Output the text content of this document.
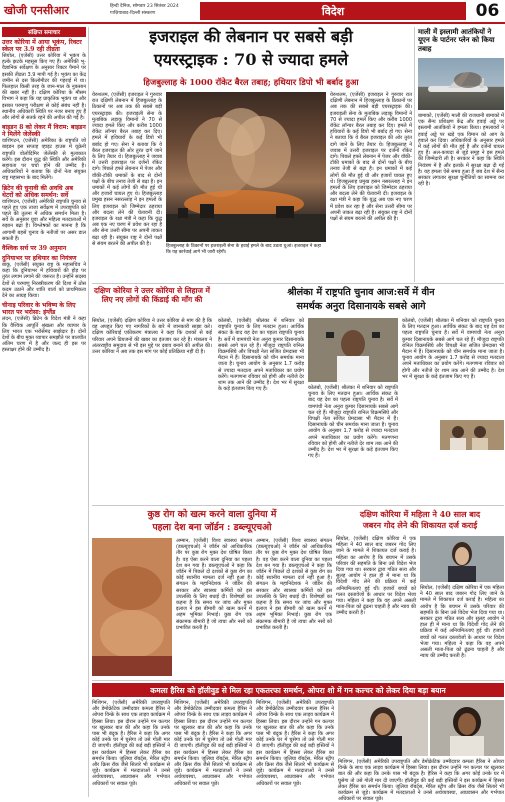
खोजी एनसीआर	हिन्दी दैनिक, सोमवार 23 सितंबर 2024
गाज़ियाबाद-दिल्ली संस्करण	विदेश	06
संक्षिप्त समाचार
उत्तर कोरिया में आया भूकंप, रिक्टर स्केल पर 3.9 रही तीव्रता
सियोल, (एजेंसी) उत्तर कोरिया में भूकंप के हल्के झटके महसूस किए गए हैं। अमेरिकी भू-वैज्ञानिक सर्वेक्षण के अनुसार रिक्टर पैमाने पर इसकी तीव्रता 3.9 मापी गई है। भूकंप का केंद्र जमीन से दस किलोमीटर की गहराई में था। फिलहाल किसी तरह के जान-माल के नुकसान की खबर नहीं है। दक्षिण कोरिया के मौसम विभाग ने कहा कि यह प्राकृतिक भूकंप था और इसका परमाणु परीक्षण से कोई संबंध नहीं है। स्थानीय अधिकारी स्थिति पर नजर बनाए हुए हैं और लोगों से सतर्क रहने की अपील की गई है।
बाइडन 8 को लेकर मैं विराम: बाइडन ने मिलेंगे जेलेंस्की
वाशिंगटन, (एजेंसी) अमेरिका के राष्ट्रपति जो बाइडन इस सप्ताह व्हाइट हाउस में यूक्रेनी राष्ट्रपति वोलोदिमिर जेलेंस्की से मुलाकात करेंगे। इस दौरान युद्ध की स्थिति और अमेरिकी सहायता पर चर्चा होने की उम्मीद है। अधिकारियों ने बताया कि दोनों नेता संयुक्त राष्ट्र महासभा के बाद मिलेंगे।
ब्रिटेन की चुनावी की अवधि अब थेटरों को अधिक समर्थन: सर्वे
वाशिंगटन, (एजेंसी) अमेरिकी राष्ट्रपति चुनाव से पहले हुए एक ताजा सर्वेक्षण में उपराष्ट्रपति को पहले की तुलना में अधिक समर्थन मिला है। सर्वे के अनुसार युवा और महिला मतदाताओं में रुझान बढ़ा है। विश्लेषकों का मानना है कि आगामी बहसें चुनाव के नतीजों पर असर डाल सकती हैं।
वैश्विक सर्च पर 39 अनुमान
दुनियाभर पर हथियार का नियंत्रण
बाकू, (एजेंसी) संयुक्त राष्ट्र के महासचिव ने कहा कि दुनियाभर में हथियारों की होड़ पर तुरंत लगाम लगाने की जरूरत है। उन्होंने सदस्य देशों से परमाणु निरस्त्रीकरण की दिशा में ठोस कदम उठाने और शांति वार्ता को प्राथमिकता देने का आग्रह किया।
चीनाइ परिवार के भविष्य के लिए भारत पर भरोसा: इंग्लैंड
लंदन, (एजेंसी) ब्रिटेन के विदेश मंत्री ने कहा कि वैश्विक आपूर्ति श्रृंखला और व्यापार के लिए भारत एक भरोसेमंद साझेदार है। दोनों देशों के बीच मुक्त व्यापार समझौते पर बातचीत अंतिम चरण में है और जल्द ही इस पर हस्ताक्षर होने की उम्मीद है।
इजराइल की लेबनान पर सबसे बड़ी
एयरस्ट्राइक : 70 से ज्यादा हमले
हिजबुल्लाह के 1000 रॉकेट बैरल तबाह; हथियार डिपो भी बर्बाद हुआ
येरुशलम, (एजेंसी) इजराइल ने गुरुवार रात दक्षिणी लेबनान में हिजबुल्लाह के ठिकानों पर अब तक की सबसे बड़ी एयरस्ट्राइक की। इजराइली सेना के मुताबिक लड़ाकू विमानों ने 70 से ज्यादा हमले किए और करीब 1000 रॉकेट लॉन्चर बैरल तबाह कर दिए। हमले में हथियारों के कई डिपो भी बर्बाद हो गए। सेना ने बताया कि ये बैरल इजराइल की ओर तुरंत दागे जाने के लिए तैयार थे। हिजबुल्लाह ने जवाब में उत्तरी इजराइल पर दर्जनों रॉकेट दागे। पिछले हफ्ते लेबनान में पेजर और वॉकी-टॉकी धमाकों के बाद से दोनों पक्षों के बीच तनाव तेजी से बढ़ा है। इन धमाकों में कई लोगों की मौत हुई थी और हजारों घायल हुए थे। हिजबुल्लाह प्रमुख हसन नसरल्लाह ने इन हमलों के लिए इजराइल को जिम्मेदार ठहराया और बदला लेने की चेतावनी दी। इजराइल के रक्षा मंत्री ने कहा कि युद्ध अब एक नए चरण में प्रवेश कर रहा है और सेना उत्तरी सीमा पर अपनी ताकत बढ़ा रही है। संयुक्त राष्ट्र ने दोनों पक्षों से संयम बरतने की अपील की है।	हिजबुल्लाह के ठिकानों पर इजराइली सेना के हवाई हमले के बाद उठता धुआं। इजराइल ने कहा कि यह कार्रवाई आगे भी जारी रहेगी।
येरुशलम, (एजेंसी) इजराइल ने गुरुवार रात दक्षिणी लेबनान में हिजबुल्लाह के ठिकानों पर अब तक की सबसे बड़ी एयरस्ट्राइक की। इजराइली सेना के मुताबिक लड़ाकू विमानों ने 70 से ज्यादा हमले किए और करीब 1000 रॉकेट लॉन्चर बैरल तबाह कर दिए। हमले में हथियारों के कई डिपो भी बर्बाद हो गए। सेना ने बताया कि ये बैरल इजराइल की ओर तुरंत दागे जाने के लिए तैयार थे। हिजबुल्लाह ने जवाब में उत्तरी इजराइल पर दर्जनों रॉकेट दागे। पिछले हफ्ते लेबनान में पेजर और वॉकी-टॉकी धमाकों के बाद से दोनों पक्षों के बीच तनाव तेजी से बढ़ा है। इन धमाकों में कई लोगों की मौत हुई थी और हजारों घायल हुए थे। हिजबुल्लाह प्रमुख हसन नसरल्लाह ने इन हमलों के लिए इजराइल को जिम्मेदार ठहराया और बदला लेने की चेतावनी दी। इजराइल के रक्षा मंत्री ने कहा कि युद्ध अब एक नए चरण में प्रवेश कर रहा है और सेना उत्तरी सीमा पर अपनी ताकत बढ़ा रही है। संयुक्त राष्ट्र ने दोनों पक्षों से संयम बरतने की अपील की है।
माली में इस्लामी आतंकियों ने यूएन के पार्टनर प्लेन को किया तबाह
बामाको, (एजेंसी) माली की राजधानी बामाको में एक सैन्य प्रशिक्षण केंद्र और हवाई अड्डे पर इस्लामी आतंकियों ने हमला किया। हमलावरों ने हवाई अड्डे पर खड़े एक विमान को आग के हवाले कर दिया। अधिकारियों के अनुसार हमले में कई लोगों की मौत हुई है और दर्जनों घायल हुए हैं। अल-कायदा से जुड़े समूह ने इस हमले की जिम्मेदारी ली है। सरकार ने कहा कि स्थिति नियंत्रण में है और इलाके में सुरक्षा बढ़ा दी गई है। यह हमला ऐसे समय हुआ है जब देश में सैन्य सरकार लगातार सुरक्षा चुनौतियों का सामना कर रही है।
दक्षिण कोरिया ने उत्तर कोरिया से लिहाज में लिए नए लोगों की किंडाई की माँग की
सियोल, (एजेंसी) दक्षिण कोरिया ने उत्तर कोरिया से मांग की है कि वह अपहृत किए गए नागरिकों के बारे में जानकारी साझा करे। दक्षिण कोरियाई एकीकरण मंत्रालय ने कहा कि दशकों से कई परिवार अपने प्रियजनों की खबर का इंतजार कर रहे हैं। मंत्रालय ने अंतरराष्ट्रीय समुदाय से भी इस मुद्दे पर दबाव बनाने की अपील की। उत्तर कोरिया ने अब तक इस मांग पर कोई प्रतिक्रिया नहीं दी है।
श्रीलंका में राष्ट्रपति चुनाव आज:सर्वे में वीन
समर्थक अनुरा दिसानायके सबसे आगे
कोलंबो, (एजेंसी) श्रीलंका में शनिवार को राष्ट्रपति चुनाव के लिए मतदान हुआ। आर्थिक संकट के बाद यह देश का पहला राष्ट्रपति चुनाव है। सर्वे में वामपंथी नेता अनुरा कुमार दिसानायके सबसे आगे चल रहे हैं। मौजूदा राष्ट्रपति रानिल विक्रमसिंघे और विपक्षी नेता सजित प्रेमदासा भी मैदान में हैं। दिसानायके को चीन समर्थक माना जाता है। चुनाव आयोग के अनुसार 1.7 करोड़ से ज्यादा मतदाता अपने मताधिकार का प्रयोग करेंगे। मतगणना रविवार को होगी और नतीजे देर शाम तक आने की उम्मीद है। देश भर में सुरक्षा के कड़े इंतजाम किए गए हैं।	कोलंबो, (एजेंसी) श्रीलंका में शनिवार को राष्ट्रपति चुनाव के लिए मतदान हुआ। आर्थिक संकट के बाद यह देश का पहला राष्ट्रपति चुनाव है। सर्वे में वामपंथी नेता अनुरा कुमार दिसानायके सबसे आगे चल रहे हैं। मौजूदा राष्ट्रपति रानिल विक्रमसिंघे और विपक्षी नेता सजित प्रेमदासा भी मैदान में हैं। दिसानायके को चीन समर्थक माना जाता है। चुनाव आयोग के अनुसार 1.7 करोड़ से ज्यादा मतदाता अपने मताधिकार का प्रयोग करेंगे। मतगणना रविवार को होगी और नतीजे देर शाम तक आने की उम्मीद है। देश भर में सुरक्षा के कड़े इंतजाम किए गए हैं।
कोलंबो, (एजेंसी) श्रीलंका में शनिवार को राष्ट्रपति चुनाव के लिए मतदान हुआ। आर्थिक संकट के बाद यह देश का पहला राष्ट्रपति चुनाव है। सर्वे में वामपंथी नेता अनुरा कुमार दिसानायके सबसे आगे चल रहे हैं। मौजूदा राष्ट्रपति रानिल विक्रमसिंघे और विपक्षी नेता सजित प्रेमदासा भी मैदान में हैं। दिसानायके को चीन समर्थक माना जाता है। चुनाव आयोग के अनुसार 1.7 करोड़ से ज्यादा मतदाता अपने मताधिकार का प्रयोग करेंगे। मतगणना रविवार को होगी और नतीजे देर शाम तक आने की उम्मीद है। देश भर में सुरक्षा के कड़े इंतजाम किए गए हैं।
कुष्ठ रोग को खत्म करने वाला दुनिया में
पहला देश बना जॉर्डन : डब्ल्यूएचओ
अम्मान, (एजेंसी) विश्व स्वास्थ्य संगठन (डब्ल्यूएचओ) ने जॉर्डन को आधिकारिक तौर पर कुष्ठ रोग मुक्त देश घोषित किया है। वह ऐसा करने वाला दुनिया का पहला देश बन गया है। डब्ल्यूएचओ ने कहा कि जॉर्डन में पिछले दो दशकों से कुष्ठ रोग का कोई स्थानीय मामला दर्ज नहीं हुआ है। संगठन के महानिदेशक ने जॉर्डन की सरकार और स्वास्थ्य कर्मियों को इस उपलब्धि के लिए बधाई दी। विशेषज्ञों का कहना है कि समय पर जांच और मुफ्त इलाज ने इस बीमारी को खत्म करने में अहम भूमिका निभाई। कुष्ठ रोग एक संक्रामक बीमारी है जो त्वचा और नसों को प्रभावित करती है।
अम्मान, (एजेंसी) विश्व स्वास्थ्य संगठन (डब्ल्यूएचओ) ने जॉर्डन को आधिकारिक तौर पर कुष्ठ रोग मुक्त देश घोषित किया है। वह ऐसा करने वाला दुनिया का पहला देश बन गया है। डब्ल्यूएचओ ने कहा कि जॉर्डन में पिछले दो दशकों से कुष्ठ रोग का कोई स्थानीय मामला दर्ज नहीं हुआ है। संगठन के महानिदेशक ने जॉर्डन की सरकार और स्वास्थ्य कर्मियों को इस उपलब्धि के लिए बधाई दी। विशेषज्ञों का कहना है कि समय पर जांच और मुफ्त इलाज ने इस बीमारी को खत्म करने में अहम भूमिका निभाई। कुष्ठ रोग एक संक्रामक बीमारी है जो त्वचा और नसों को प्रभावित करती है।
दक्षिण कोरिया में महिला ने 40 साल बाद
जबरन गोद लेने की शिकायत दर्ज कराई
सियोल, (एजेंसी) दक्षिण कोरिया में एक महिला ने 40 साल बाद जबरन गोद लिए जाने के मामले में शिकायत दर्ज कराई है। महिला का आरोप है कि बचपन में उसके परिवार की सहमति के बिना उसे विदेश भेज दिया गया था। सरकार द्वारा गठित सत्य और सुलह आयोग ने हाल ही में माना था कि विदेशी गोद लेने की प्रक्रिया में कई अनियमितताएं हुई थीं। हजारों बच्चों को गलत दस्तावेजों के आधार पर विदेश भेजा गया। महिला ने कहा कि वह अपने असली माता-पिता को ढूंढना चाहती है और न्याय की उम्मीद करती है।
सियोल, (एजेंसी) दक्षिण कोरिया में एक महिला ने 40 साल बाद जबरन गोद लिए जाने के मामले में शिकायत दर्ज कराई है। महिला का आरोप है कि बचपन में उसके परिवार की सहमति के बिना उसे विदेश भेज दिया गया था। सरकार द्वारा गठित सत्य और सुलह आयोग ने हाल ही में माना था कि विदेशी गोद लेने की प्रक्रिया में कई अनियमितताएं हुई थीं। हजारों बच्चों को गलत दस्तावेजों के आधार पर विदेश भेजा गया। महिला ने कहा कि वह अपने असली माता-पिता को ढूंढना चाहती है और न्याय की उम्मीद करती है।
कमला हैरिस को हॉलीवुड से मिल रहा एकतरफा समर्थन, ओपरा शो में गन कल्चर को लेकर दिया बड़ा बयान
मिशिगन, (एजेंसी) अमेरिकी उपराष्ट्रपति और डेमोक्रेटिक उम्मीदवार कमला हैरिस ने ओपरा विन्फ्रे के साथ एक लाइव कार्यक्रम में हिस्सा लिया। इस दौरान उन्होंने गन कल्चर पर खुलकर बात की और कहा कि उनके पास भी बंदूक है। हैरिस ने कहा कि अगर कोई उनके घर में घुसेगा तो उसे गोली मार दी जाएगी। हॉलीवुड की कई बड़ी हस्तियों ने इस कार्यक्रम में हिस्सा लेकर हैरिस का समर्थन किया। जूलिया रॉबर्ट्स, मेरिल स्ट्रीप और क्रिस रॉक जैसे सितारे भी कार्यक्रम से जुड़े। कार्यक्रम में मतदाताओं ने उनसे अर्थव्यवस्था, आप्रवासन और गर्भपात अधिकारों पर सवाल पूछे।
मिशिगन, (एजेंसी) अमेरिकी उपराष्ट्रपति और डेमोक्रेटिक उम्मीदवार कमला हैरिस ने ओपरा विन्फ्रे के साथ एक लाइव कार्यक्रम में हिस्सा लिया। इस दौरान उन्होंने गन कल्चर पर खुलकर बात की और कहा कि उनके पास भी बंदूक है। हैरिस ने कहा कि अगर कोई उनके घर में घुसेगा तो उसे गोली मार दी जाएगी। हॉलीवुड की कई बड़ी हस्तियों ने इस कार्यक्रम में हिस्सा लेकर हैरिस का समर्थन किया। जूलिया रॉबर्ट्स, मेरिल स्ट्रीप और क्रिस रॉक जैसे सितारे भी कार्यक्रम से जुड़े। कार्यक्रम में मतदाताओं ने उनसे अर्थव्यवस्था, आप्रवासन और गर्भपात अधिकारों पर सवाल पूछे।
मिशिगन, (एजेंसी) अमेरिकी उपराष्ट्रपति और डेमोक्रेटिक उम्मीदवार कमला हैरिस ने ओपरा विन्फ्रे के साथ एक लाइव कार्यक्रम में हिस्सा लिया। इस दौरान उन्होंने गन कल्चर पर खुलकर बात की और कहा कि उनके पास भी बंदूक है। हैरिस ने कहा कि अगर कोई उनके घर में घुसेगा तो उसे गोली मार दी जाएगी। हॉलीवुड की कई बड़ी हस्तियों ने इस कार्यक्रम में हिस्सा लेकर हैरिस का समर्थन किया। जूलिया रॉबर्ट्स, मेरिल स्ट्रीप और क्रिस रॉक जैसे सितारे भी कार्यक्रम से जुड़े। कार्यक्रम में मतदाताओं ने उनसे अर्थव्यवस्था, आप्रवासन और गर्भपात अधिकारों पर सवाल पूछे।
मिशिगन, (एजेंसी) अमेरिकी उपराष्ट्रपति और डेमोक्रेटिक उम्मीदवार कमला हैरिस ने ओपरा विन्फ्रे के साथ एक लाइव कार्यक्रम में हिस्सा लिया। इस दौरान उन्होंने गन कल्चर पर खुलकर बात की और कहा कि उनके पास भी बंदूक है। हैरिस ने कहा कि अगर कोई उनके घर में घुसेगा तो उसे गोली मार दी जाएगी। हॉलीवुड की कई बड़ी हस्तियों ने इस कार्यक्रम में हिस्सा लेकर हैरिस का समर्थन किया। जूलिया रॉबर्ट्स, मेरिल स्ट्रीप और क्रिस रॉक जैसे सितारे भी कार्यक्रम से जुड़े। कार्यक्रम में मतदाताओं ने उनसे अर्थव्यवस्था, आप्रवासन और गर्भपात अधिकारों पर सवाल पूछे।
